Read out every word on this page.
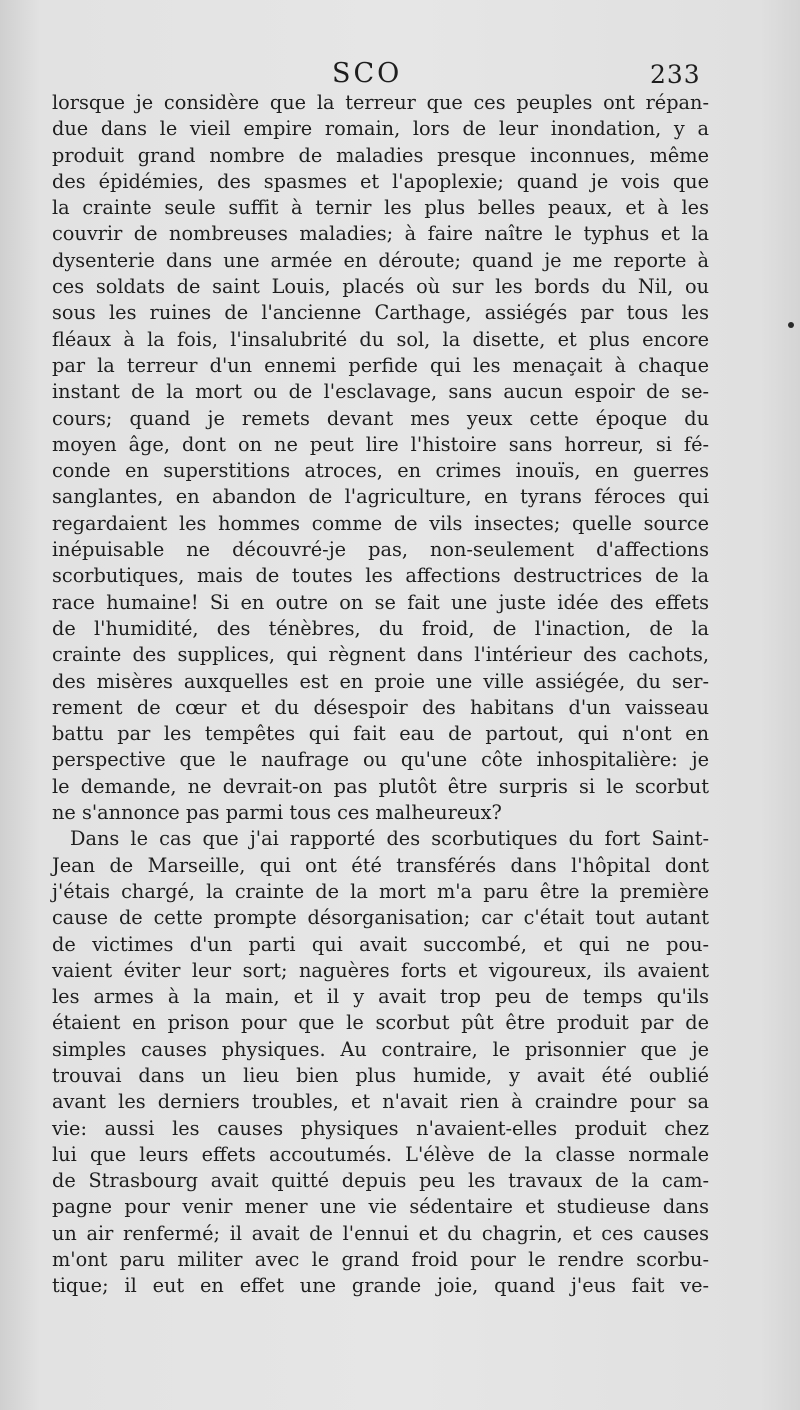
SCO	233
lorsque je considère que la terreur que ces peuples ont répan-
due dans le vieil empire romain, lors de leur inondation, y a
produit grand nombre de maladies presque inconnues, même
des épidémies, des spasmes et l'apoplexie; quand je vois que
la crainte seule suffit à ternir les plus belles peaux, et à les
couvrir de nombreuses maladies; à faire naître le typhus et la
dysenterie dans une armée en déroute; quand je me reporte à
ces soldats de saint Louis, placés où sur les bords du Nil, ou
sous les ruines de l'ancienne Carthage, assiégés par tous les
fléaux à la fois, l'insalubrité du sol, la disette, et plus encore
par la terreur d'un ennemi perfide qui les menaçait à chaque
instant de la mort ou de l'esclavage, sans aucun espoir de se-
cours; quand je remets devant mes yeux cette époque du
moyen âge, dont on ne peut lire l'histoire sans horreur, si fé-
conde en superstitions atroces, en crimes inouïs, en guerres
sanglantes, en abandon de l'agriculture, en tyrans féroces qui
regardaient les hommes comme de vils insectes; quelle source
inépuisable ne découvré-je pas, non-seulement d'affections
scorbutiques, mais de toutes les affections destructrices de la
race humaine! Si en outre on se fait une juste idée des effets
de l'humidité, des ténèbres, du froid, de l'inaction, de la
crainte des supplices, qui règnent dans l'intérieur des cachots,
des misères auxquelles est en proie une ville assiégée, du ser-
rement de cœur et du désespoir des habitans d'un vaisseau
battu par les tempêtes qui fait eau de partout, qui n'ont en
perspective que le naufrage ou qu'une côte inhospitalière: je
le demande, ne devrait-on pas plutôt être surpris si le scorbut
ne s'annonce pas parmi tous ces malheureux?
Dans le cas que j'ai rapporté des scorbutiques du fort Saint-
Jean de Marseille, qui ont été transférés dans l'hôpital dont
j'étais chargé, la crainte de la mort m'a paru être la première
cause de cette prompte désorganisation; car c'était tout autant
de victimes d'un parti qui avait succombé, et qui ne pou-
vaient éviter leur sort; naguères forts et vigoureux, ils avaient
les armes à la main, et il y avait trop peu de temps qu'ils
étaient en prison pour que le scorbut pût être produit par de
simples causes physiques. Au contraire, le prisonnier que je
trouvai dans un lieu bien plus humide, y avait été oublié
avant les derniers troubles, et n'avait rien à craindre pour sa
vie: aussi les causes physiques n'avaient-elles produit chez
lui que leurs effets accoutumés. L'élève de la classe normale
de Strasbourg avait quitté depuis peu les travaux de la cam-
pagne pour venir mener une vie sédentaire et studieuse dans
un air renfermé; il avait de l'ennui et du chagrin, et ces causes
m'ont paru militer avec le grand froid pour le rendre scorbu-
tique; il eut en effet une grande joie, quand j'eus fait ve-
